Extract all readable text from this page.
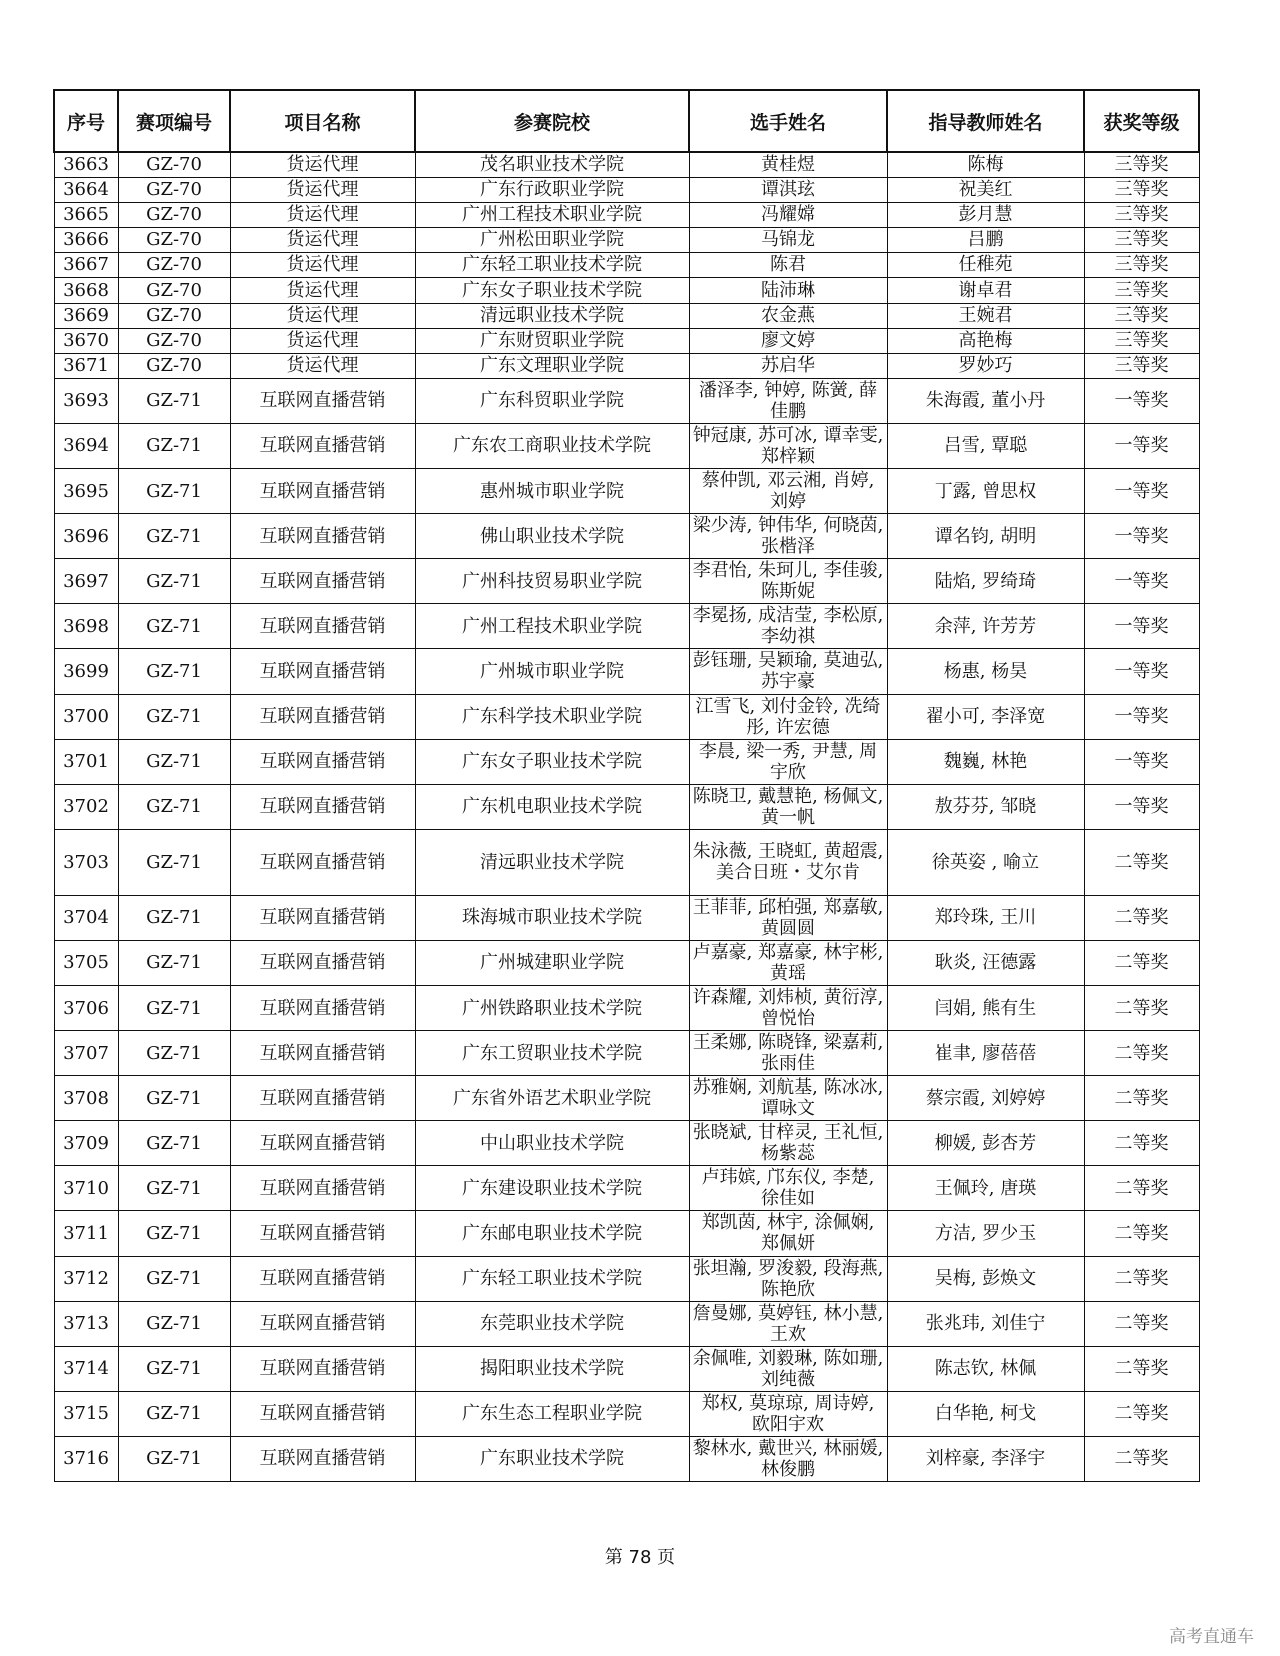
序号	赛项编号	项目名称	参赛院校	选手姓名	指导教师姓名	获奖等级
3663	GZ-70	货运代理	茂名职业技术学院	黄桂煜	陈梅	三等奖
3664	GZ-70	货运代理	广东行政职业学院	谭淇玹	祝美红	三等奖
3665	GZ-70	货运代理	广州工程技术职业学院	冯耀嫦	彭月慧	三等奖
3666	GZ-70	货运代理	广州松田职业学院	马锦龙	吕鹏	三等奖
3667	GZ-70	货运代理	广东轻工职业技术学院	陈君	任稚苑	三等奖
3668	GZ-70	货运代理	广东女子职业技术学院	陆沛琳	谢卓君	三等奖
3669	GZ-70	货运代理	清远职业技术学院	农金燕	王婉君	三等奖
3670	GZ-70	货运代理	广东财贸职业学院	廖文婷	高艳梅	三等奖
3671	GZ-70	货运代理	广东文理职业学院	苏启华	罗妙巧	三等奖
3693	GZ-71	互联网直播营销	广东科贸职业学院	潘泽李, 钟婷, 陈黉, 薛佳鹏	朱海霞, 董小丹	一等奖
3694	GZ-71	互联网直播营销	广东农工商职业技术学院	钟冠康, 苏可冰, 谭幸雯, 郑梓颖	吕雪, 覃聪	一等奖
3695	GZ-71	互联网直播营销	惠州城市职业学院	蔡仲凯, 邓云湘, 肖婷, 刘婷	丁露, 曾思权	一等奖
3696	GZ-71	互联网直播营销	佛山职业技术学院	梁少涛, 钟伟华, 何晓茵, 张楷泽	谭名钧, 胡明	一等奖
3697	GZ-71	互联网直播营销	广州科技贸易职业学院	李君怡, 朱珂儿, 李佳骏, 陈斯妮	陆焰, 罗绮琦	一等奖
3698	GZ-71	互联网直播营销	广州工程技术职业学院	李冕扬, 成洁莹, 李松原, 李幼祺	余萍, 许芳芳	一等奖
3699	GZ-71	互联网直播营销	广州城市职业学院	彭钰珊, 吴颖瑜, 莫迪弘, 苏宇豪	杨惠, 杨昊	一等奖
3700	GZ-71	互联网直播营销	广东科学技术职业学院	江雪飞, 刘付金铃, 冼绮彤, 许宏德	翟小可, 李泽宽	一等奖
3701	GZ-71	互联网直播营销	广东女子职业技术学院	李晨, 梁一秀, 尹慧, 周宇欣	魏巍, 林艳	一等奖
3702	GZ-71	互联网直播营销	广东机电职业技术学院	陈晓卫, 戴慧艳, 杨佩文, 黄一帆	敖芬芬, 邹晓	一等奖
3703	GZ-71	互联网直播营销	清远职业技术学院	朱泳薇, 王晓虹, 黄超震, 美合日班・艾尔肯	徐英姿 , 喻立	二等奖
3704	GZ-71	互联网直播营销	珠海城市职业技术学院	王菲菲, 邱柏强, 郑嘉敏, 黄圆圆	郑玲珠, 王川	二等奖
3705	GZ-71	互联网直播营销	广州城建职业学院	卢嘉豪, 郑嘉豪, 林宇彬, 黄瑶	耿炎, 汪德露	二等奖
3706	GZ-71	互联网直播营销	广州铁路职业技术学院	许森耀, 刘炜桢, 黄衍淳, 曾悦怡	闫娟, 熊有生	二等奖
3707	GZ-71	互联网直播营销	广东工贸职业技术学院	王柔娜, 陈晓锋, 梁嘉莉, 张雨佳	崔聿, 廖蓓蓓	二等奖
3708	GZ-71	互联网直播营销	广东省外语艺术职业学院	苏雅娴, 刘航基, 陈冰冰, 谭咏文	蔡宗霞, 刘婷婷	二等奖
3709	GZ-71	互联网直播营销	中山职业技术学院	张晓斌, 甘梓灵, 王礼恒, 杨紫蕊	柳媛, 彭杏芳	二等奖
3710	GZ-71	互联网直播营销	广东建设职业技术学院	卢玮嫔, 邝东仪, 李楚, 徐佳如	王佩玲, 唐瑛	二等奖
3711	GZ-71	互联网直播营销	广东邮电职业技术学院	郑凯茵, 林宇, 涂佩娴, 郑佩妍	方洁, 罗少玉	二等奖
3712	GZ-71	互联网直播营销	广东轻工职业技术学院	张坦瀚, 罗浚毅, 段海燕, 陈艳欣	吴梅, 彭焕文	二等奖
3713	GZ-71	互联网直播营销	东莞职业技术学院	詹曼娜, 莫婷钰, 林小慧, 王欢	张兆玮, 刘佳宁	二等奖
3714	GZ-71	互联网直播营销	揭阳职业技术学院	余佩唯, 刘毅琳, 陈如珊, 刘纯薇	陈志钦, 林佩	二等奖
3715	GZ-71	互联网直播营销	广东生态工程职业学院	郑权, 莫琼琼, 周诗婷, 欧阳宇欢	白华艳, 柯戈	二等奖
3716	GZ-71	互联网直播营销	广东职业技术学院	黎林水, 戴世兴, 林丽媛, 林俊鹏	刘梓豪, 李泽宇	二等奖
第 78 页
高考直通车
